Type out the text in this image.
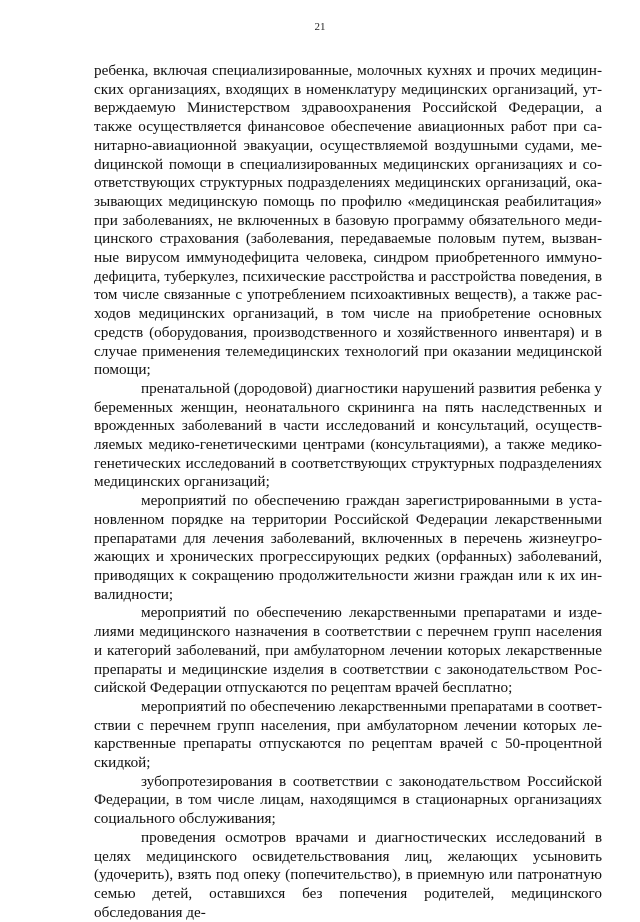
21

ребенка, включая специализированные, молочных кухнях и прочих медицинских организациях, входящих в номенклатуру медицинских организаций, утверждаемую Министерством здравоохранения Российской Федерации, а также осуществляется финансовое обеспечение авиационных работ при санитарно-авиационной эвакуации, осуществляемой воздушными судами, меdицинской помощи в специализированных медицинских организациях и соответствующих структурных подразделениях медицинских организаций, оказывающих медицинскую помощь по профилю «медицинская реабилитация» при заболеваниях, не включенных в базовую программу обязательного медицинского страхования (заболевания, передаваемые половым путем, вызванные вирусом иммунодефицита человека, синдром приобретенного иммунодефицита, туберкулез, психические расстройства и расстройства поведения, в том числе связанные с употреблением психоактивных веществ), а также расходов медицинских организаций, в том числе на приобретение основных средств (оборудования, производственного и хозяйственного инвентаря) и в случае применения телемедицинских технологий при оказании медицинской помощи;

пренатальной (дородовой) диагностики нарушений развития ребенка у беременных женщин, неонатального скрининга на пять наследственных и врожденных заболеваний в части исследований и консультаций, осуществляемых медико-генетическими центрами (консультациями), а также медико-генетических исследований в соответствующих структурных подразделениях медицинских организаций;

мероприятий по обеспечению граждан зарегистрированными в установленном порядке на территории Российской Федерации лекарственными препаратами для лечения заболеваний, включенных в перечень жизнеугрожающих и хронических прогрессирующих редких (орфанных) заболеваний, приводящих к сокращению продолжительности жизни граждан или к их инвалидности;

мероприятий по обеспечению лекарственными препаратами и изделиями медицинского назначения в соответствии с перечнем групп населения и категорий заболеваний, при амбулаторном лечении которых лекарственные препараты и медицинские изделия в соответствии с законодательством Российской Федерации отпускаются по рецептам врачей бесплатно;

мероприятий по обеспечению лекарственными препаратами в соответствии с перечнем групп населения, при амбулаторном лечении которых лекарственные препараты отпускаются по рецептам врачей с 50-процентной скидкой;

зубопротезирования в соответствии с законодательством Российской Федерации, в том числе лицам, находящимся в стационарных организациях социального обслуживания;

проведения осмотров врачами и диагностических исследований в целях медицинского освидетельствования лиц, желающих усыновить (удочерить), взять под опеку (попечительство), в приемную или патронатную семью детей, оставшихся без попечения родителей, медицинского обследования де-
